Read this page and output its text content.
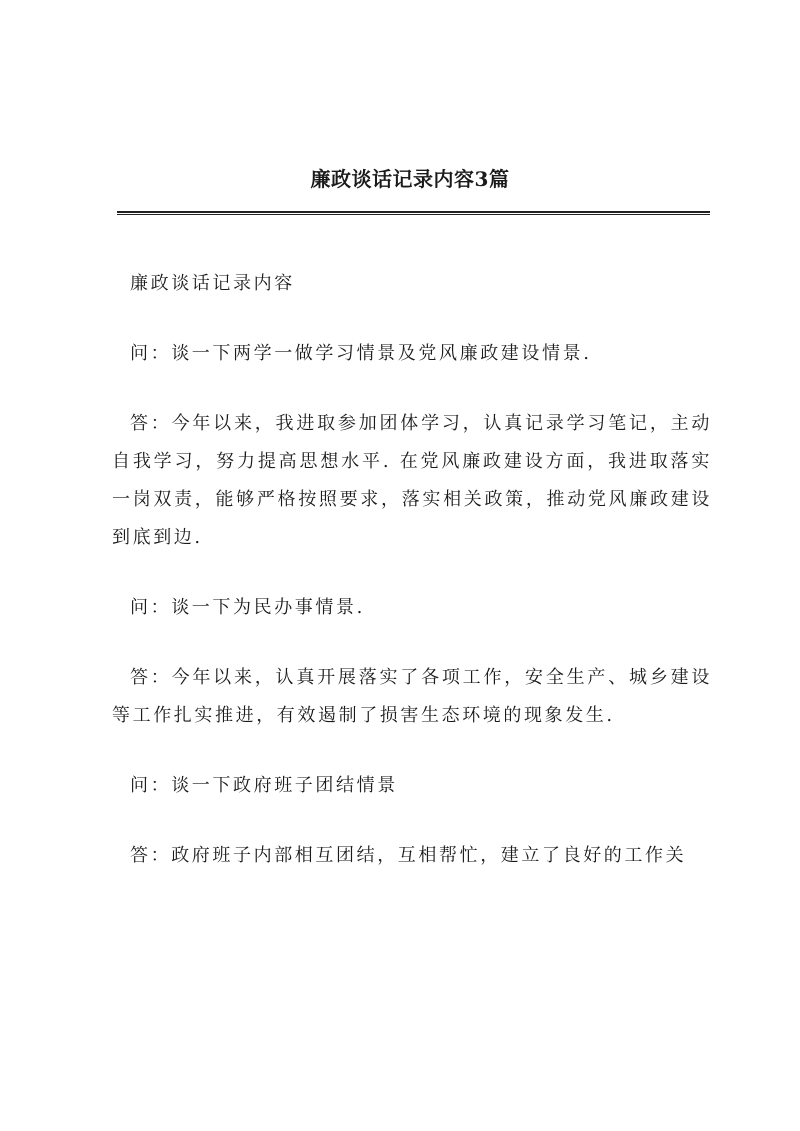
廉政谈话记录内容3篇

廉政谈话记录内容

问：谈一下两学一做学习情景及党风廉政建设情景.

答：今年以来，我进取参加团体学习，认真记录学习笔记，主动自我学习，努力提高思想水平. 在党风廉政建设方面，我进取落实一岗双责，能够严格按照要求，落实相关政策，推动党风廉政建设到底到边.

问：谈一下为民办事情景.

答：今年以来，认真开展落实了各项工作，安全生产、城乡建设等工作扎实推进，有效遏制了损害生态环境的现象发生.

问：谈一下政府班子团结情景

答：政府班子内部相互团结，互相帮忙，建立了良好的工作关
